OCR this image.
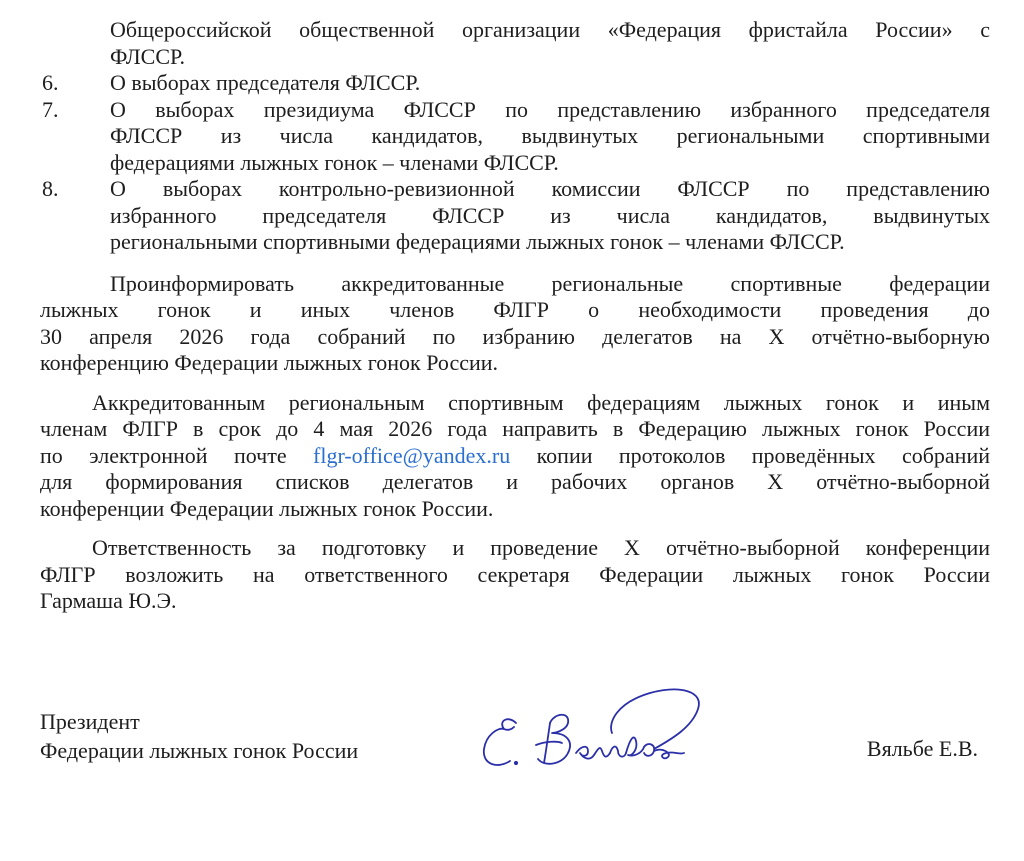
Общероссийской общественной организации «Федерация фристайла России» с
ФЛССР.
6.	О выборах председателя ФЛССР.
7.	О выборах президиума ФЛССР по представлению избранного председателя
ФЛССР из числа кандидатов, выдвинутых региональными спортивными
федерациями лыжных гонок – членами ФЛССР.
8.	О выборах контрольно-ревизионной комиссии ФЛССР по представлению
избранного председателя ФЛССР из числа кандидатов, выдвинутых
региональными спортивными федерациями лыжных гонок – членами ФЛССР.
Проинформировать аккредитованные региональные спортивные федерации
лыжных гонок и иных членов ФЛГР о необходимости проведения до
30 апреля 2026 года собраний по избранию делегатов на X отчётно-выборную
конференцию Федерации лыжных гонок России.
Аккредитованным региональным спортивным федерациям лыжных гонок и иным
членам ФЛГР в срок до 4 мая 2026 года направить в Федерацию лыжных гонок России
по электронной почте flgr-office@yandex.ru копии протоколов проведённых собраний
для формирования списков делегатов и рабочих органов X отчётно-выборной
конференции Федерации лыжных гонок России.
Ответственность за подготовку и проведение X отчётно-выборной конференции
ФЛГР возложить на ответственного секретаря Федерации лыжных гонок России
Гармаша Ю.Э.
Президент
Федерации лыжных гонок России	Вяльбе Е.В.
